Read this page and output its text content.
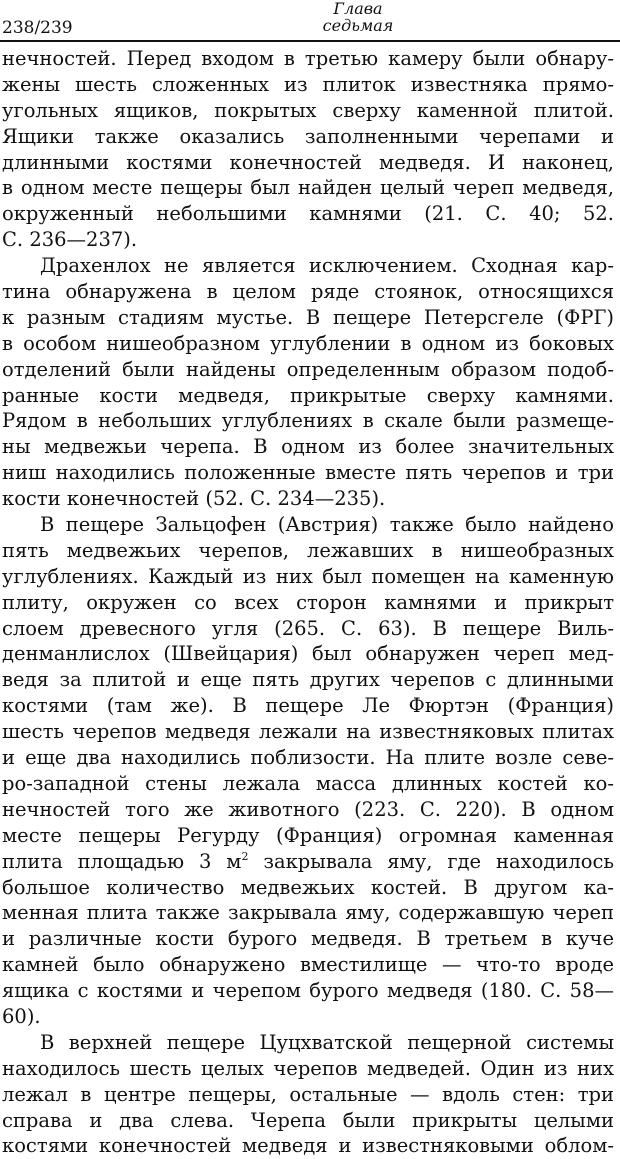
238/239
Глава
седьмая
нечностей. Перед входом в третью камеру были обнару-
жены шесть сложенных из плиток известняка прямо-
угольных ящиков, покрытых сверху каменной плитой.
Ящики также оказались заполненными черепами и
длинными костями конечностей медведя. И наконец,
в одном месте пещеры был найден целый череп медведя,
окруженный небольшими камнями (21. С. 40; 52.
С. 236—237).
Драхенлох не является исключением. Сходная кар-
тина обнаружена в целом ряде стоянок, относящихся
к разным стадиям мустье. В пещере Петерсгеле (ФРГ)
в особом нишеобразном углублении в одном из боковых
отделений были найдены определенным образом подоб-
ранные кости медведя, прикрытые сверху камнями.
Рядом в небольших углублениях в скале были размеще-
ны медвежьи черепа. В одном из более значительных
ниш находились положенные вместе пять черепов и три
кости конечностей (52. С. 234—235).
В пещере Зальцофен (Австрия) также было найдено
пять медвежьих черепов, лежавших в нишеобразных
углублениях. Каждый из них был помещен на каменную
плиту, окружен со всех сторон камнями и прикрыт
слоем древесного угля (265. С. 63). В пещере Виль-
денманлислох (Швейцария) был обнаружен череп мед-
ведя за плитой и еще пять других черепов с длинными
костями (там же). В пещере Ле Фюртэн (Франция)
шесть черепов медведя лежали на известняковых плитах
и еще два находились поблизости. На плите возле севе-
ро-западной стены лежала масса длинных костей ко-
нечностей того же животного (223. С. 220). В одном
месте пещеры Регурду (Франция) огромная каменная
плита площадью 3 $м^2$ закрывала яму, где находилось
большое количество медвежьих костей. В другом ка-
менная плита также закрывала яму, содержавшую череп
и различные кости бурого медведя. В третьем в куче
камней было обнаружено вместилище — что-то вроде
ящика с костями и черепом бурого медведя (180. С. 58—
60).
В верхней пещере Цуцхватской пещерной системы
находилось шесть целых черепов медведей. Один из них
лежал в центре пещеры, остальные — вдоль стен: три
справа и два слева. Черепа были прикрыты целыми
костями конечностей медведя и известняковыми облом-
